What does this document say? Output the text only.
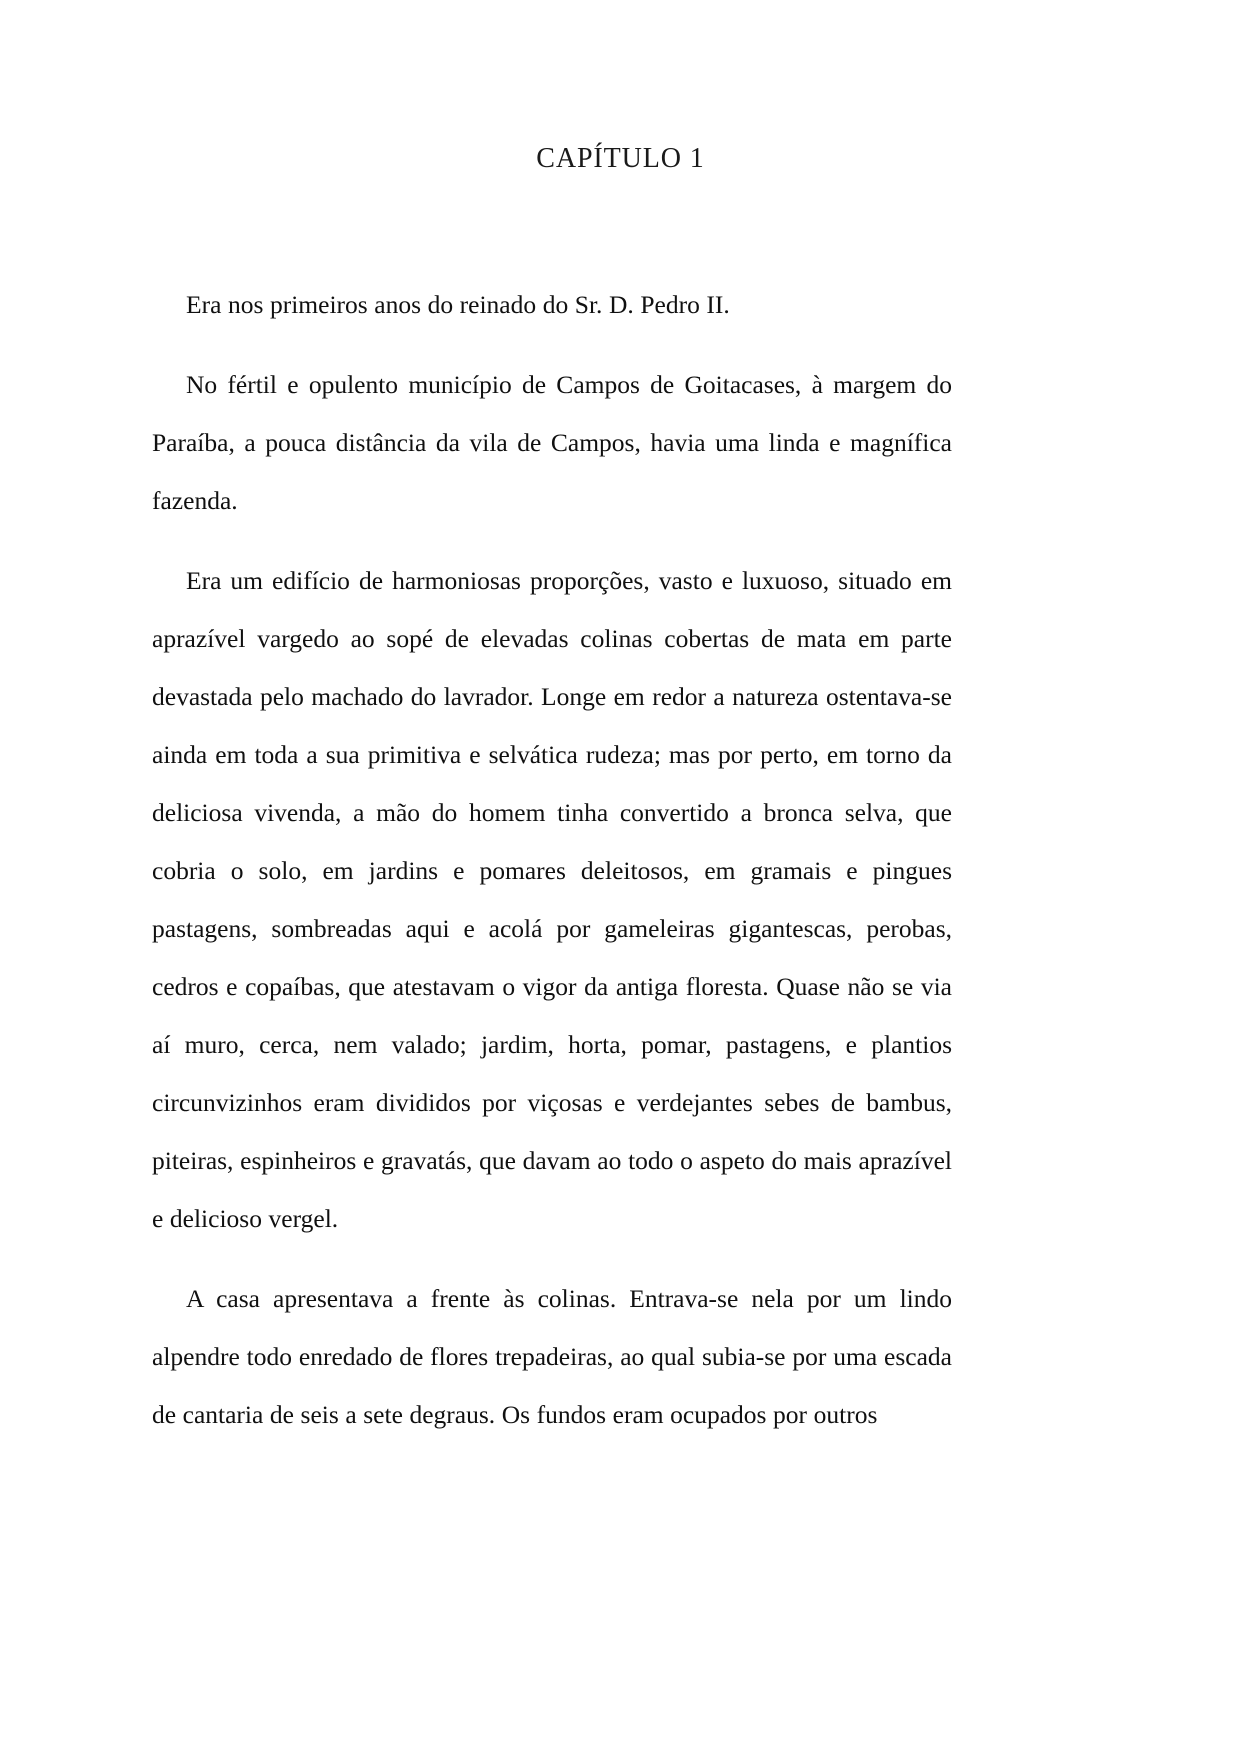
CAPÍTULO 1

Era nos primeiros anos do reinado do Sr. D. Pedro II.

No fértil e opulento município de Campos de Goitacases, à margem do Paraíba, a pouca distância da vila de Campos, havia uma linda e magnífica fazenda.

Era um edifício de harmoniosas proporções, vasto e luxuoso, situado em aprazível vargedo ao sopé de elevadas colinas cobertas de mata em parte devastada pelo machado do lavrador. Longe em redor a natureza ostentava-se ainda em toda a sua primitiva e selvática rudeza; mas por perto, em torno da deliciosa vivenda, a mão do homem tinha convertido a bronca selva, que cobria o solo, em jardins e pomares deleitosos, em gramais e pingues pastagens, sombreadas aqui e acolá por gameleiras gigantescas, perobas, cedros e copaíbas, que atestavam o vigor da antiga floresta. Quase não se via aí muro, cerca, nem valado; jardim, horta, pomar, pastagens, e plantios circunvizinhos eram divididos por viçosas e verdejantes sebes de bambus, piteiras, espinheiros e gravatás, que davam ao todo o aspeto do mais aprazível e delicioso vergel.

A casa apresentava a frente às colinas. Entrava-se nela por um lindo alpendre todo enredado de flores trepadeiras, ao qual subia-se por uma escada de cantaria de seis a sete degraus. Os fundos eram ocupados por outros
